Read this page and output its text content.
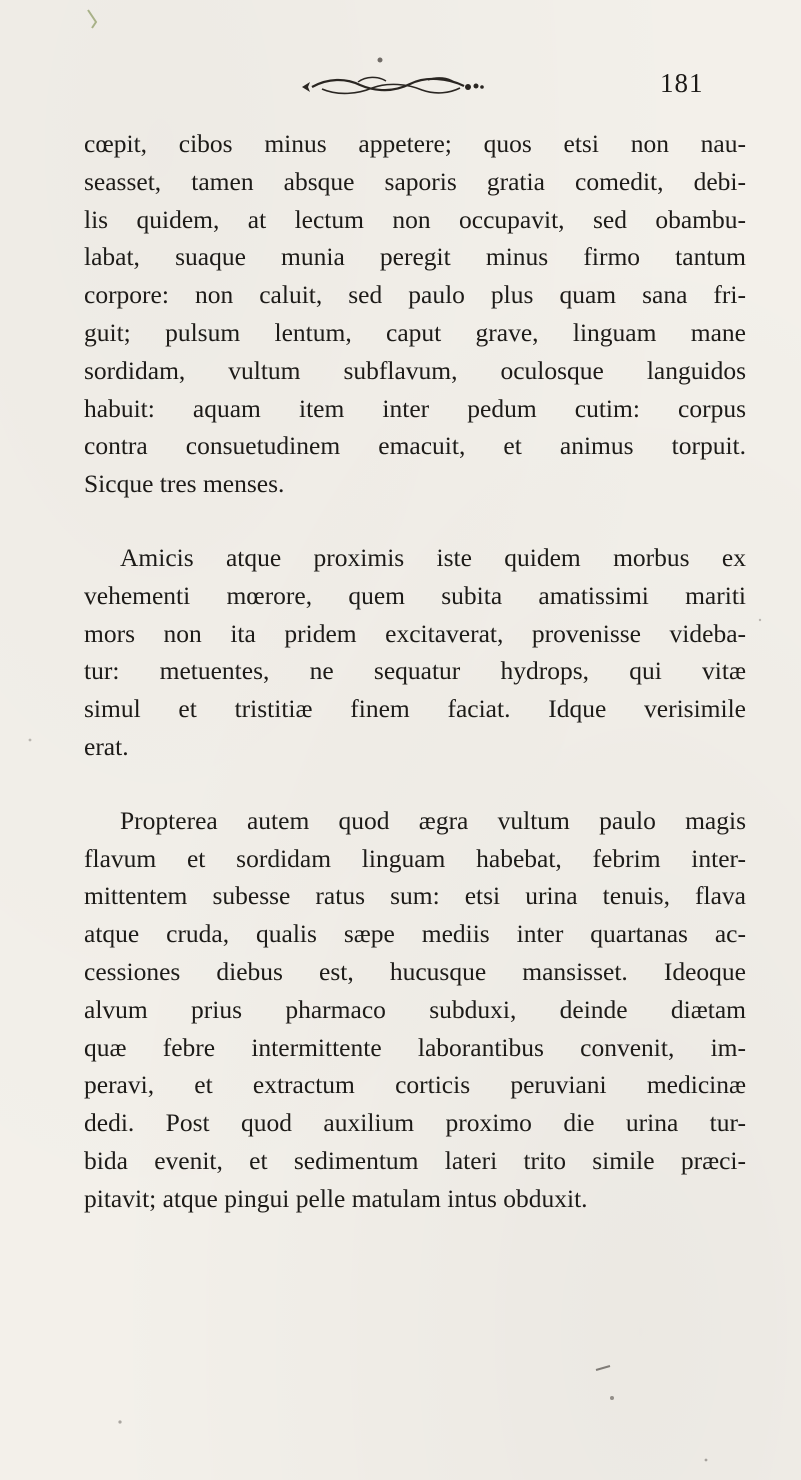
181
cœpit, cibos minus appetere; quos etsi non nau-
seasset, tamen absque saporis gratia comedit, debi-
lis quidem, at lectum non occupavit, sed obambu-
labat, suaque munia peregit minus firmo tantum
corpore: non caluit, sed paulo plus quam sana fri-
guit; pulsum lentum, caput grave, linguam mane
sordidam, vultum subflavum, oculosque languidos
habuit: aquam item inter pedum cutim: corpus
contra consuetudinem emacuit, et animus torpuit.
Sicque tres menses.
Amicis atque proximis iste quidem morbus ex
vehementi mœrore, quem subita amatissimi mariti
mors non ita pridem excitaverat, provenisse videba-
tur: metuentes, ne sequatur hydrops, qui vitæ
simul et tristitiæ finem faciat. Idque verisimile
erat.
Propterea autem quod ægra vultum paulo magis
flavum et sordidam linguam habebat, febrim inter-
mittentem subesse ratus sum: etsi urina tenuis, flava
atque cruda, qualis sæpe mediis inter quartanas ac-
cessiones diebus est, hucusque mansisset. Ideoque
alvum prius pharmaco subduxi, deinde diætam
quæ febre intermittente laborantibus convenit, im-
peravi, et extractum corticis peruviani medicinæ
dedi. Post quod auxilium proximo die urina tur-
bida evenit, et sedimentum lateri trito simile præci-
pitavit; atque pingui pelle matulam intus obduxit.
